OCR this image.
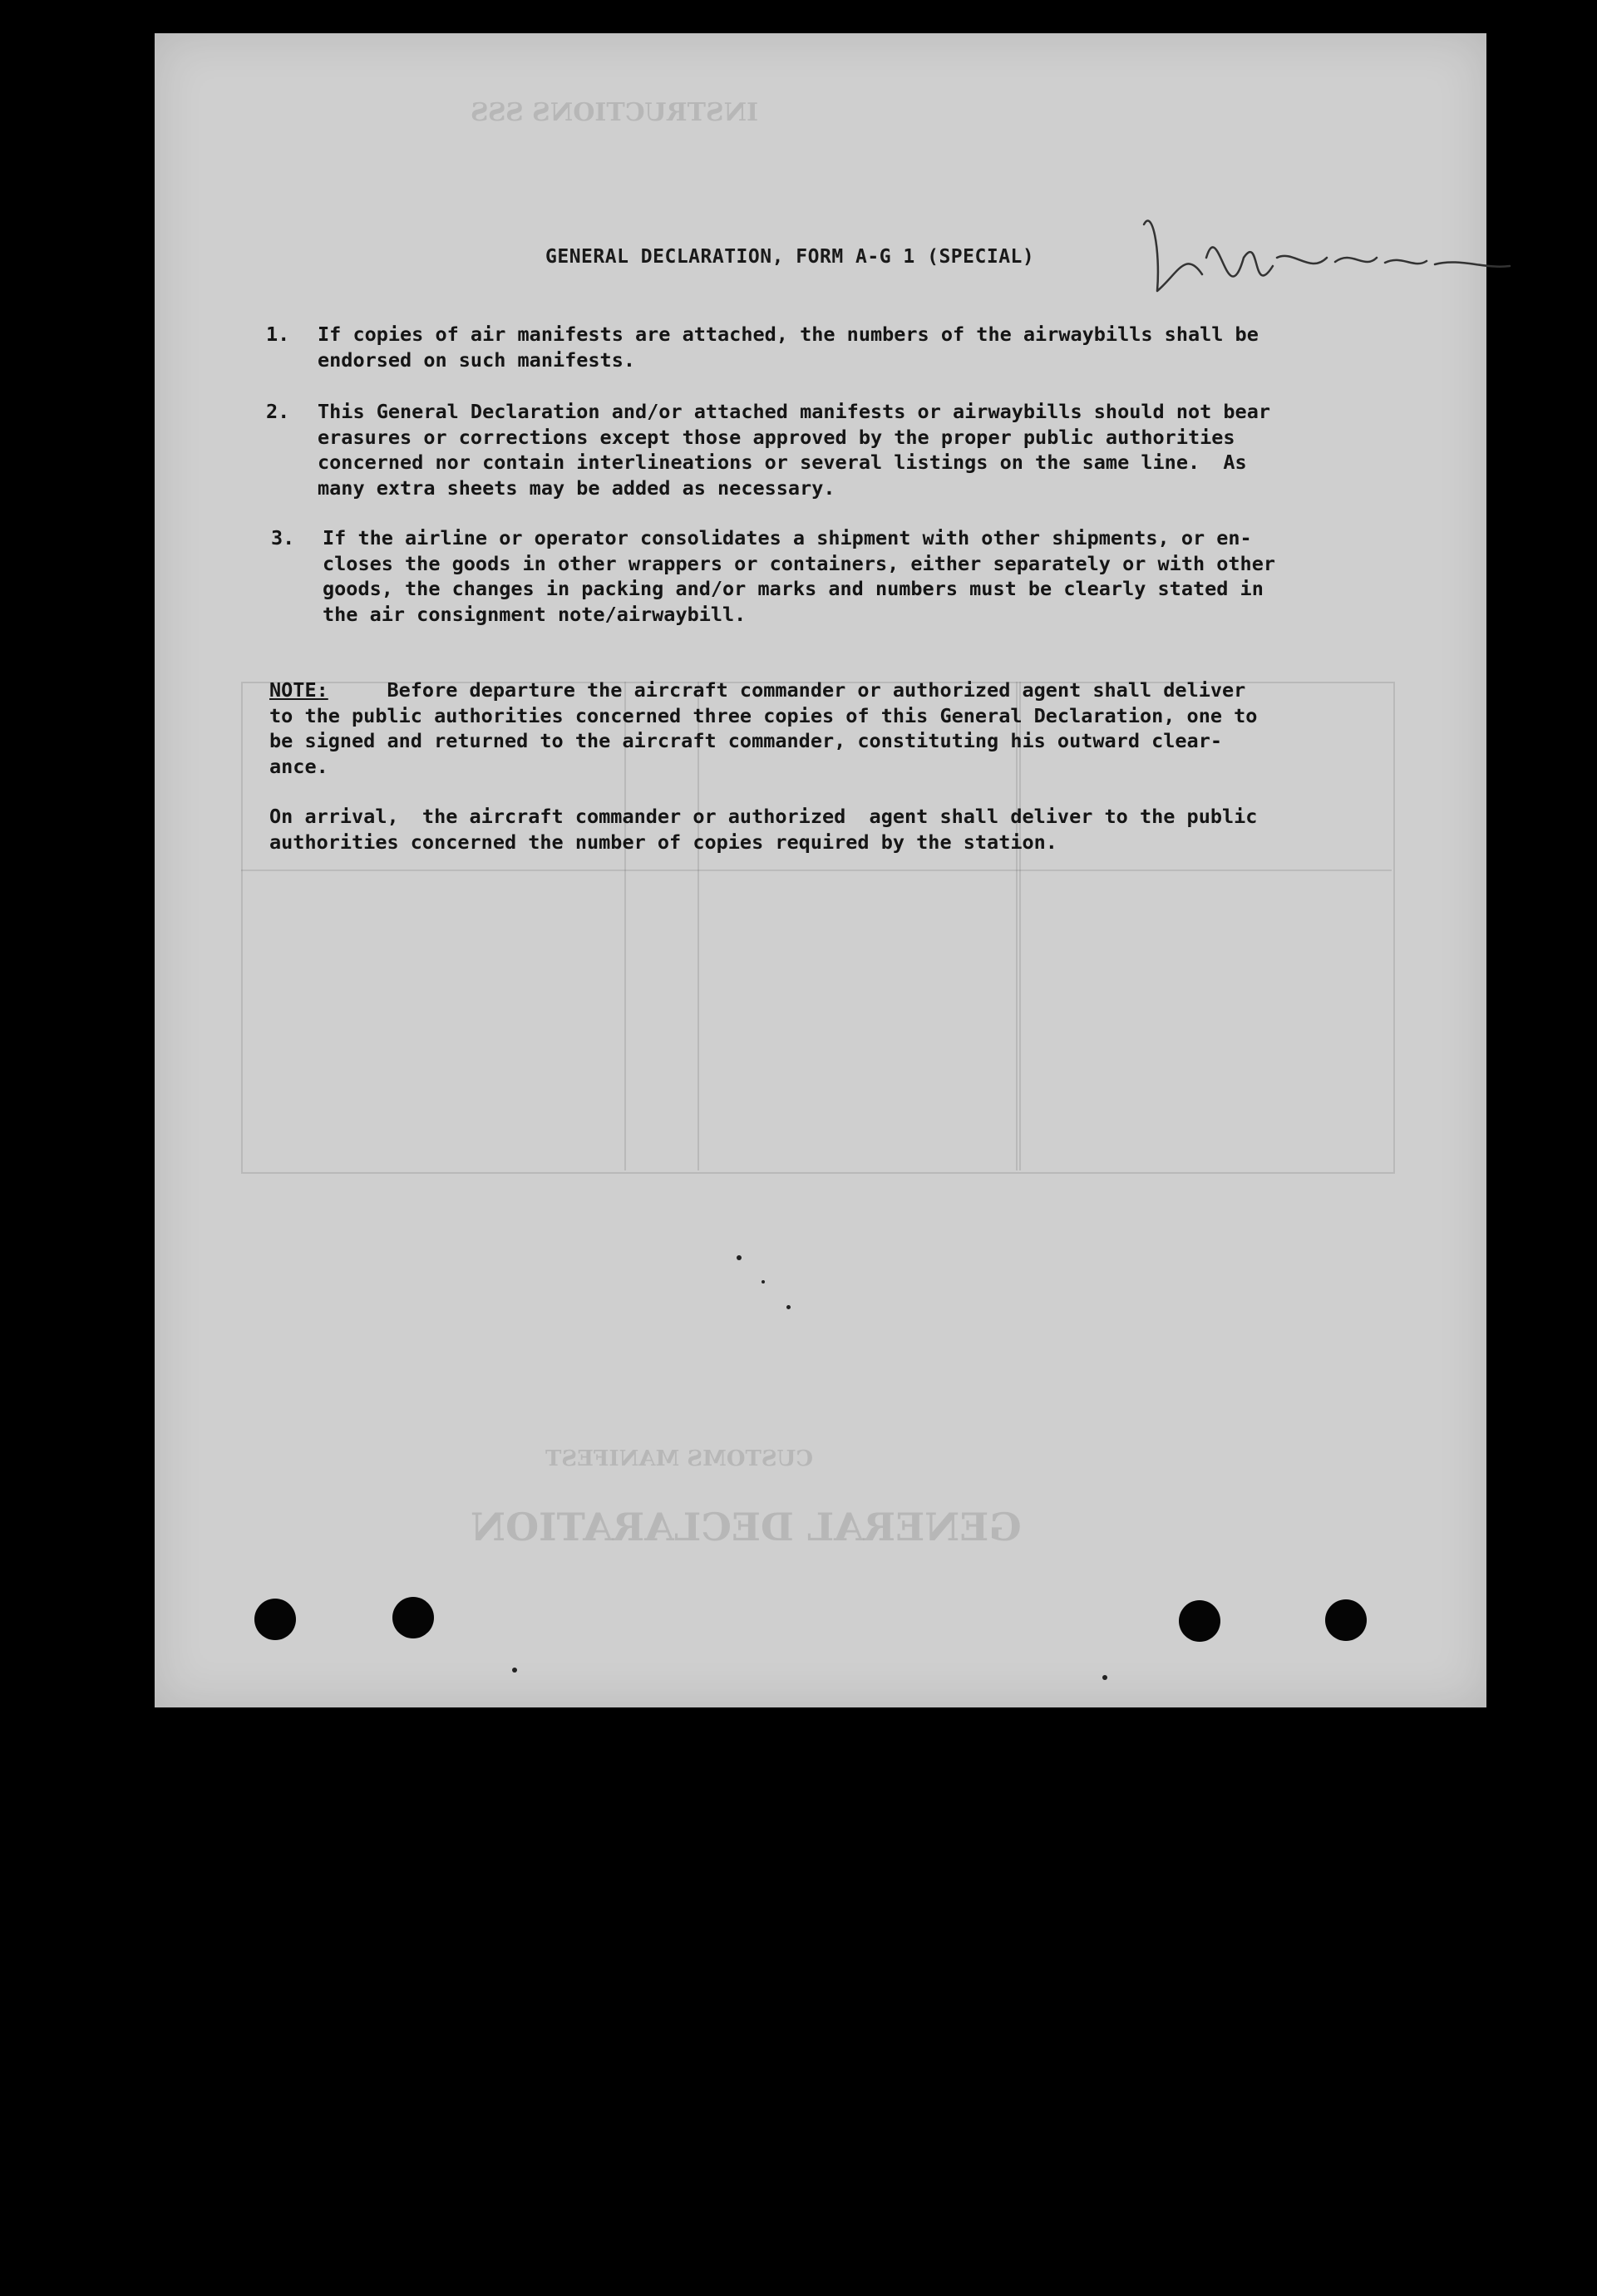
GENERAL DECLARATION
CUSTOMS MANIFEST
INSTRUCTIONS SSS
GENERAL DECLARATION, FORM A-G 1 (SPECIAL)
1. If copies of air manifests are attached, the numbers of the airwaybills shall be
endorsed on such manifests.
2. This General Declaration and/or attached manifests or airwaybills should not bear
erasures or corrections except those approved by the proper public authorities
concerned nor contain interlineations or several listings on the same line.  As
many extra sheets may be added as necessary.
3. If the airline or operator consolidates a shipment with other shipments, or en-
closes the goods in other wrappers or containers, either separately or with other
goods, the changes in packing and/or marks and numbers must be clearly stated in
the air consignment note/airwaybill.
NOTE:     Before departure the aircraft commander or authorized agent shall deliver
to the public authorities concerned three copies of this General Declaration, one to
be signed and returned to the aircraft commander, constituting his outward clear-
ance.
On arrival,  the aircraft commander or authorized  agent shall deliver to the public
authorities concerned the number of copies required by the station.
